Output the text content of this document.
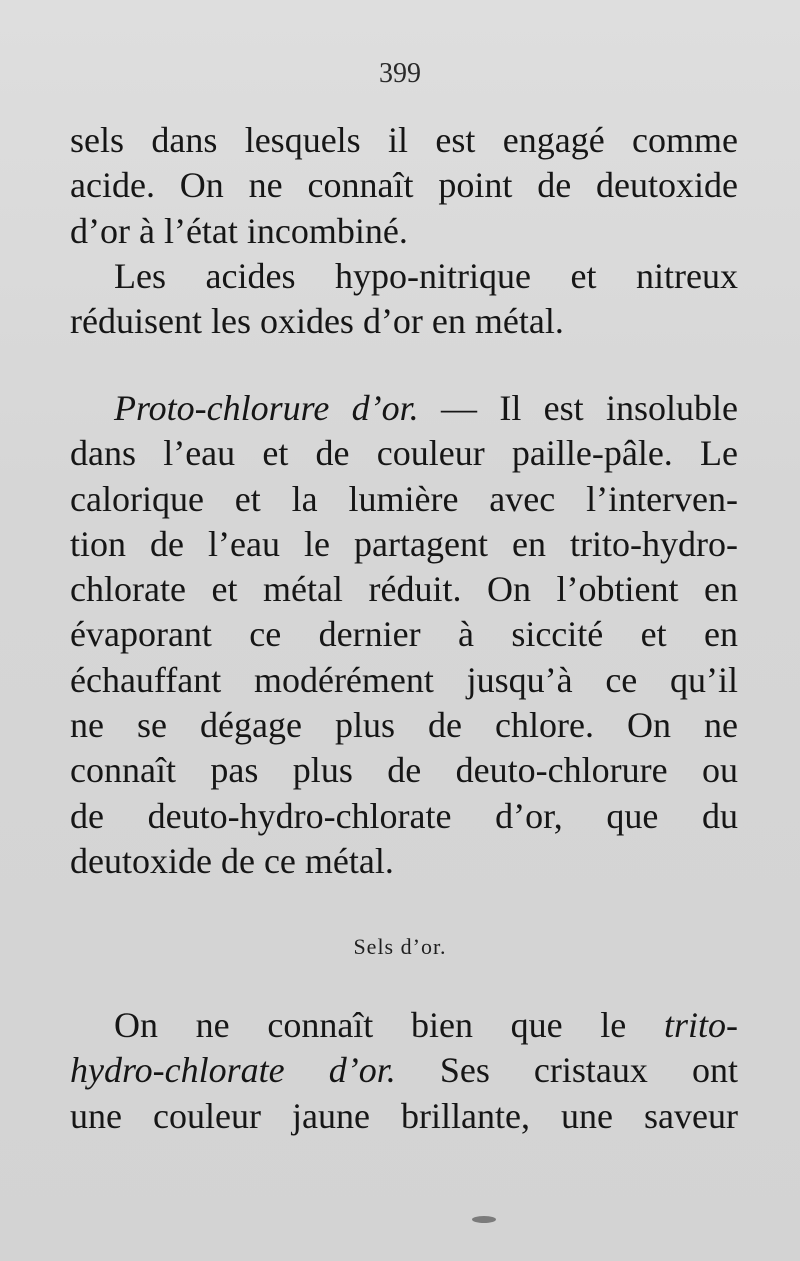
399
sels dans lesquels il est engagé comme
acide. On ne connaît point de deutoxide
d’or à l’état incombiné.
Les acides hypo-nitrique et nitreux
réduisent les oxides d’or en métal.
Proto-chlorure d’or. — Il est insoluble
dans l’eau et de couleur paille-pâle. Le
calorique et la lumière avec l’interven-
tion de l’eau le partagent en trito-hydro-
chlorate et métal réduit. On l’obtient en
évaporant ce dernier à siccité et en
échauffant modérément jusqu’à ce qu’il
ne se dégage plus de chlore. On ne
connaît pas plus de deuto-chlorure ou
de deuto-hydro-chlorate d’or, que du
deutoxide de ce métal.
Sels d’or.
On ne connaît bien que le trito-
hydro-chlorate d’or. Ses cristaux ont
une couleur jaune brillante, une saveur
